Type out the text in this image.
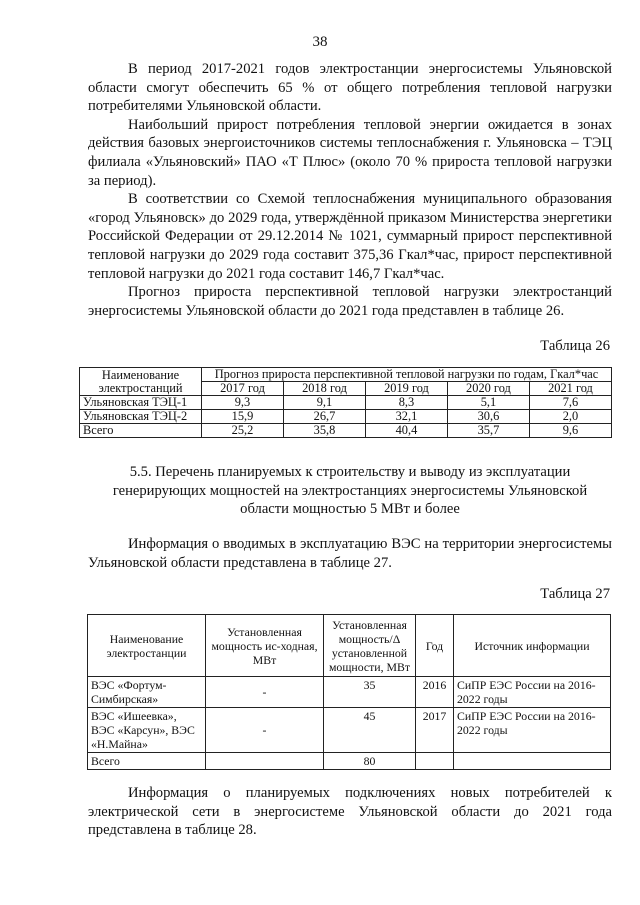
38

В период 2017-2021 годов электростанции энергосистемы Ульяновской области смогут обеспечить 65 % от общего потребления тепловой нагрузки потребителями Ульяновской области.

Наибольший прирост потребления тепловой энергии ожидается в зонах действия базовых энергоисточников системы теплоснабжения г. Ульяновска – ТЭЦ филиала «Ульяновский» ПАО «Т Плюс» (около 70 % прироста тепловой нагрузки за период).

В соответствии со Схемой теплоснабжения муниципального образования «город Ульяновск» до 2029 года, утверждённой приказом Министерства энергетики Российской Федерации от 29.12.2014 № 1021, суммарный прирост перспективной тепловой нагрузки до 2029 года составит 375,36 Гкал*час, прирост перспективной тепловой нагрузки до 2021 года составит 146,7 Гкал*час.

Прогноз прироста перспективной тепловой нагрузки электростанций энергосистемы Ульяновской области до 2021 года представлен в таблице 26.

Таблица 26
Наименование электростанций	Прогноз прироста перспективной тепловой нагрузки по годам, Гкал*час				
	2017 год	2018 год	2019 год	2020 год	2021 год
Ульяновская ТЭЦ-1	9,3	9,1	8,3	5,1	7,6
Ульяновская ТЭЦ-2	15,9	26,7	32,1	30,6	2,0
Всего	25,2	35,8	40,4	35,7	9,6
5.5. Перечень планируемых к строительству и выводу из эксплуатации генерирующих мощностей на электростанциях энергосистемы Ульяновской области мощностью 5 МВт и более

Информация о вводимых в эксплуатацию ВЭС на территории энергосистемы Ульяновской области представлена в таблице 27.

Таблица 27
Наименование электростанции	Установленная мощность ис-ходная, МВт	Установленная мощность/Δ установленной мощности, МВт	Год	Источник информации
ВЭС «Фортум-Симбирская»	-	35	2016	СиПР ЕЭС России на 2016-2022 годы
ВЭС «Ишеевка», ВЭС «Карсун», ВЭС «Н.Майна»	-	45	2017	СиПР ЕЭС России на 2016-2022 годы
Всего		80		

Информация о планируемых подключениях новых потребителей к электрической сети в энергосистеме Ульяновской области до 2021 года представлена в таблице 28.
